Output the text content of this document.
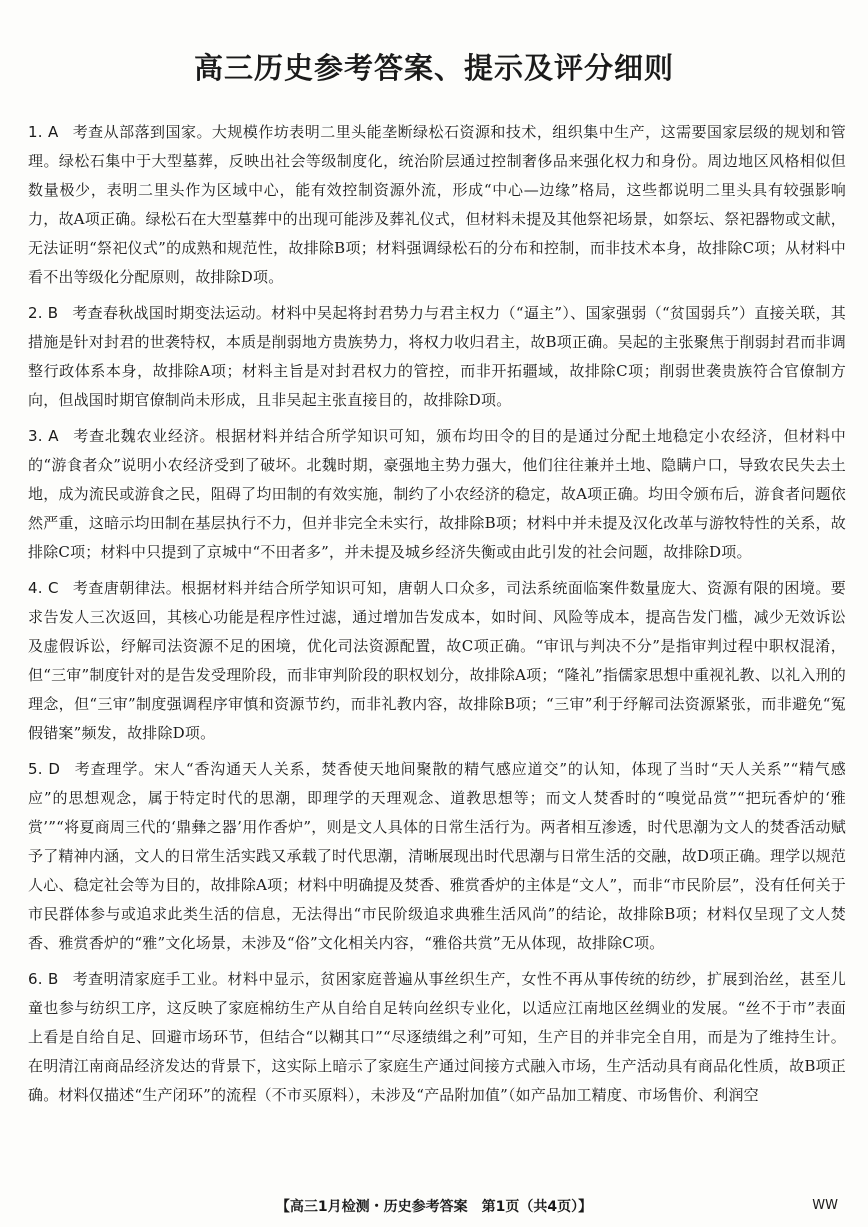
高三历史参考答案、提示及评分细则

1. A 考查从部落到国家。大规模作坊表明二里头能垄断绿松石资源和技术，组织集中生产，这需要国家层级的规划和管理。绿松石集中于大型墓葬，反映出社会等级制度化，统治阶层通过控制奢侈品来强化权力和身份。周边地区风格相似但数量极少，表明二里头作为区域中心，能有效控制资源外流，形成“中心—边缘”格局，这些都说明二里头具有较强影响力，故A项正确。绿松石在大型墓葬中的出现可能涉及葬礼仪式，但材料未提及其他祭祀场景，如祭坛、祭祀器物或文献，无法证明“祭祀仪式”的成熟和规范性，故排除B项；材料强调绿松石的分布和控制，而非技术本身，故排除C项；从材料中看不出等级化分配原则，故排除D项。

2. B 考查春秋战国时期变法运动。材料中吴起将封君势力与君主权力（“逼主”）、国家强弱（“贫国弱兵”）直接关联，其措施是针对封君的世袭特权，本质是削弱地方贵族势力，将权力收归君主，故B项正确。吴起的主张聚焦于削弱封君而非调整行政体系本身，故排除A项；材料主旨是对封君权力的管控，而非开拓疆域，故排除C项；削弱世袭贵族符合官僚制方向，但战国时期官僚制尚未形成，且非吴起主张直接目的，故排除D项。

3. A 考查北魏农业经济。根据材料并结合所学知识可知，颁布均田令的目的是通过分配土地稳定小农经济，但材料中的“游食者众”说明小农经济受到了破坏。北魏时期，豪强地主势力强大，他们往往兼并土地、隐瞒户口，导致农民失去土地，成为流民或游食之民，阻碍了均田制的有效实施，制约了小农经济的稳定，故A项正确。均田令颁布后，游食者问题依然严重，这暗示均田制在基层执行不力，但并非完全未实行，故排除B项；材料中并未提及汉化改革与游牧特性的关系，故排除C项；材料中只提到了京城中“不田者多”，并未提及城乡经济失衡或由此引发的社会问题，故排除D项。

4. C 考查唐朝律法。根据材料并结合所学知识可知，唐朝人口众多，司法系统面临案件数量庞大、资源有限的困境。要求告发人三次返回，其核心功能是程序性过滤，通过增加告发成本，如时间、风险等成本，提高告发门槛，减少无效诉讼及虚假诉讼，纾解司法资源不足的困境，优化司法资源配置，故C项正确。“审讯与判决不分”是指审判过程中职权混淆，但“三审”制度针对的是告发受理阶段，而非审判阶段的职权划分，故排除A项；“隆礼”指儒家思想中重视礼教、以礼入刑的理念，但“三审”制度强调程序审慎和资源节约，而非礼教内容，故排除B项；“三审”利于纾解司法资源紧张，而非避免“冤假错案”频发，故排除D项。

5. D 考查理学。宋人“香沟通天人关系，焚香使天地间聚散的精气感应道交”的认知，体现了当时“天人关系”“精气感应”的思想观念，属于特定时代的思潮，即理学的天理观念、道教思想等；而文人焚香时的“嗅觉品赏”“把玩香炉的‘雅赏’”“将夏商周三代的‘鼎彝之器’用作香炉”，则是文人具体的日常生活行为。两者相互渗透，时代思潮为文人的焚香活动赋予了精神内涵，文人的日常生活实践又承载了时代思潮，清晰展现出时代思潮与日常生活的交融，故D项正确。理学以规范人心、稳定社会等为目的，故排除A项；材料中明确提及焚香、雅赏香炉的主体是“文人”，而非“市民阶层”，没有任何关于市民群体参与或追求此类生活的信息，无法得出“市民阶级追求典雅生活风尚”的结论，故排除B项；材料仅呈现了文人焚香、雅赏香炉的“雅”文化场景，未涉及“俗”文化相关内容，“雅俗共赏”无从体现，故排除C项。

6. B 考查明清家庭手工业。材料中显示，贫困家庭普遍从事丝织生产，女性不再从事传统的纺纱，扩展到治丝，甚至儿童也参与纺织工序，这反映了家庭棉纺生产从自给自足转向丝织专业化，以适应江南地区丝绸业的发展。“丝不于市”表面上看是自给自足、回避市场环节，但结合“以糊其口”“尽逐绩缉之利”可知，生产目的并非完全自用，而是为了维持生计。在明清江南商品经济发达的背景下，这实际上暗示了家庭生产通过间接方式融入市场，生产活动具有商品化性质，故B项正确。材料仅描述“生产闭环”的流程（不市买原料），未涉及“产品附加值”（如产品加工精度、市场售价、利润空

【高三1月检测・历史参考答案　第1页（共4页）】	WW
